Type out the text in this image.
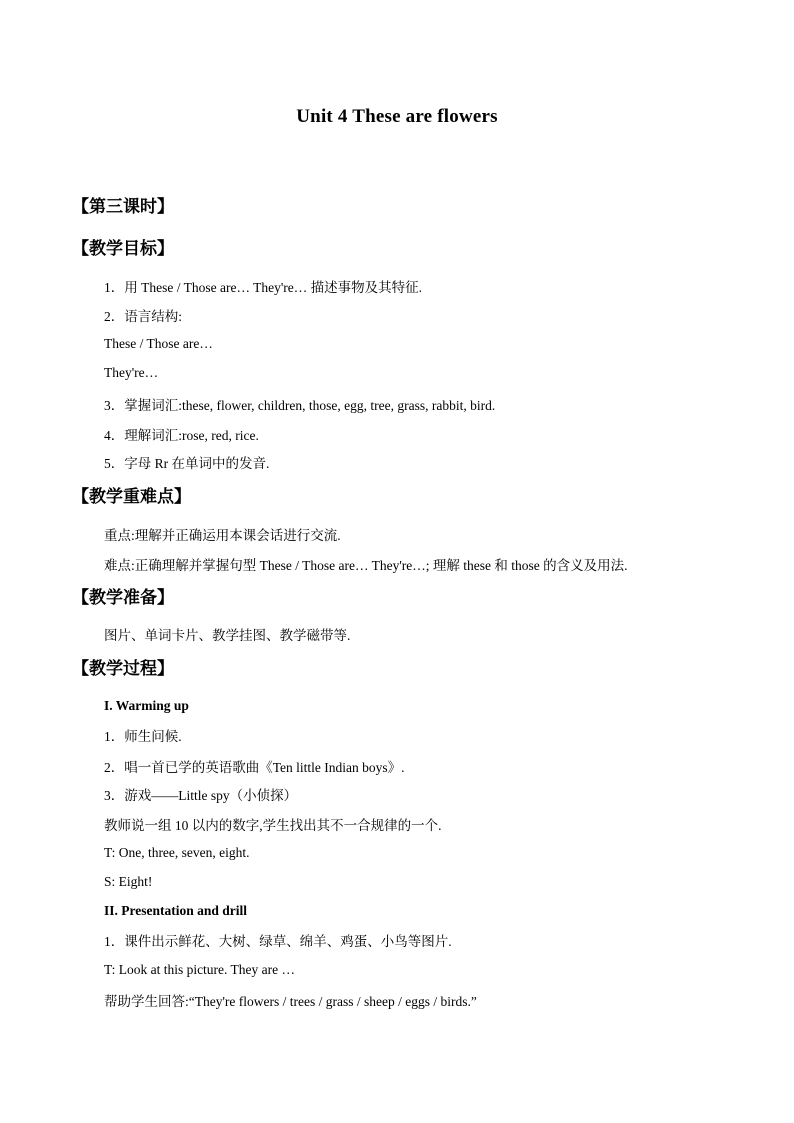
Unit 4 These are flowers
【第三课时】
【教学目标】
1．用 These / Those are… They're… 描述事物及其特征.
2．语言结构:
These / Those are…
They're…
3．掌握词汇:these, flower, children, those, egg, tree, grass, rabbit, bird.
4．理解词汇:rose, red, rice.
5．字母 Rr 在单词中的发音.
【教学重难点】
重点:理解并正确运用本课会话进行交流.
难点:正确理解并掌握句型 These / Those are… They're…; 理解 these 和 those 的含义及用法.
【教学准备】
图片、单词卡片、教学挂图、教学磁带等.
【教学过程】
I. Warming up
1．师生问候.
2．唱一首已学的英语歌曲《Ten little Indian boys》.
3．游戏——Little spy（小侦探）
教师说一组 10 以内的数字,学生找出其不一合规律的一个.
T: One, three, seven, eight.
S: Eight!
II. Presentation and drill
1．课件出示鲜花、大树、绿草、绵羊、鸡蛋、小鸟等图片.
T: Look at this picture. They are …
帮助学生回答:“They're flowers / trees / grass / sheep / eggs / birds.”
